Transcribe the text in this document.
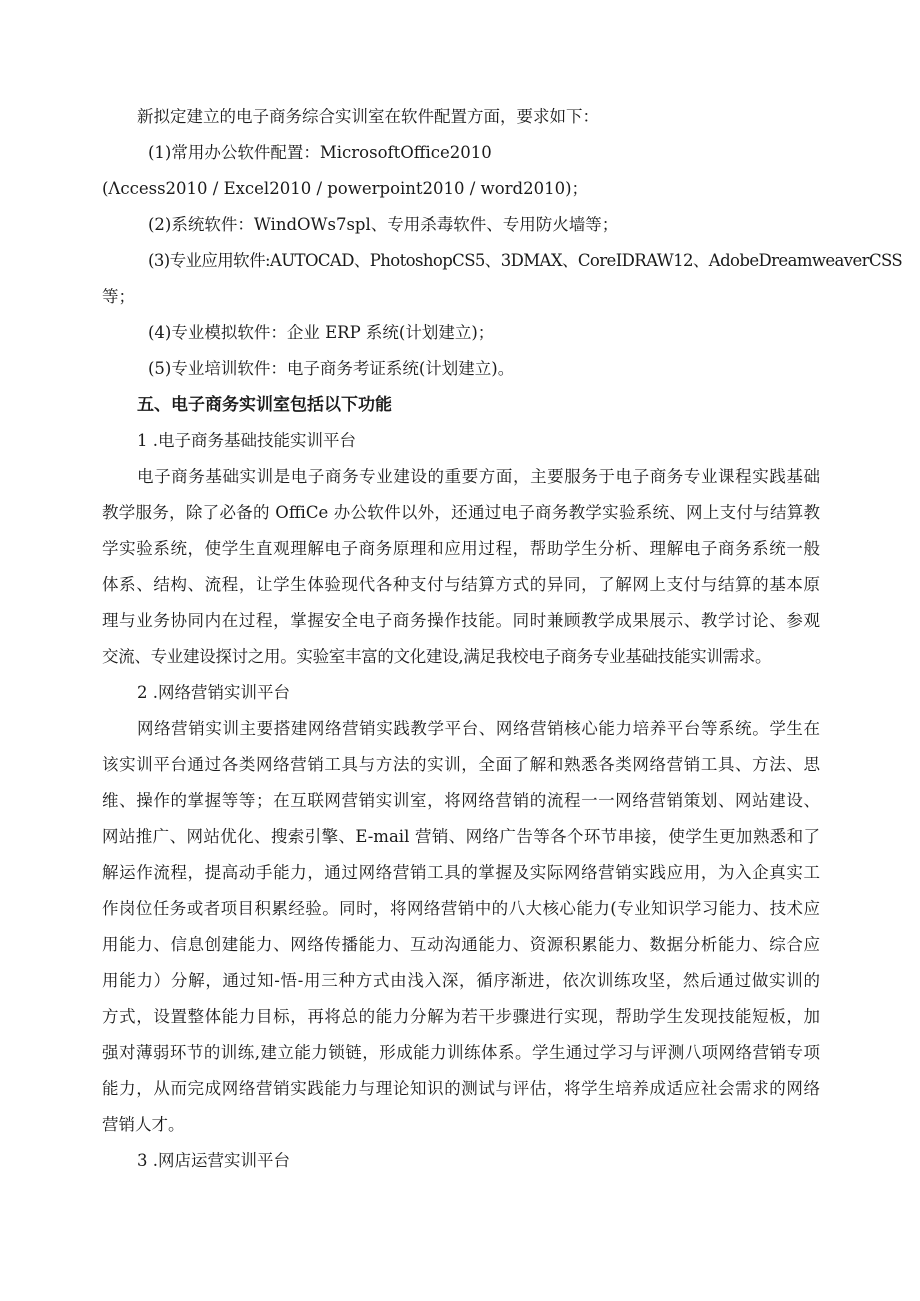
新拟定建立的电子商务综合实训室在软件配置方面，要求如下：
(1)常用办公软件配置：MicrosoftOffice2010
(Λccess2010 / Excel2010 / powerpoint2010 / word2010)；
(2)系统软件：WindOWs7spl、专用杀毒软件、专用防火墙等；
(3)专业应用软件:AUTOCAD、PhotoshopCS5、3DMAX、CoreIDRAW12、AdobeDreamweaverCSS
等；
(4)专业模拟软件：企业 ERP 系统(计划建立)；
(5)专业培训软件：电子商务考证系统(计划建立)。
五、电子商务实训室包括以下功能
1 .电子商务基础技能实训平台
电子商务基础实训是电子商务专业建设的重要方面，主要服务于电子商务专业课程实践基础
教学服务，除了必备的 OffiCe 办公软件以外，还通过电子商务教学实验系统、网上支付与结算教
学实验系统，使学生直观理解电子商务原理和应用过程，帮助学生分析、理解电子商务系统一般
体系、结构、流程，让学生体验现代各种支付与结算方式的异同，了解网上支付与结算的基本原
理与业务协同内在过程，掌握安全电子商务操作技能。同时兼顾教学成果展示、教学讨论、参观
交流、专业建设探讨之用。实验室丰富的文化建设,满足我校电子商务专业基础技能实训需求。
2 .网络营销实训平台
网络营销实训主要搭建网络营销实践教学平台、网络营销核心能力培养平台等系统。学生在
该实训平台通过各类网络营销工具与方法的实训，全面了解和熟悉各类网络营销工具、方法、思
维、操作的掌握等等；在互联网营销实训室，将网络营销的流程一一网络营销策划、网站建设、
网站推广、网站优化、搜索引擎、E-mail 营销、网络广告等各个环节串接，使学生更加熟悉和了
解运作流程，提高动手能力，通过网络营销工具的掌握及实际网络营销实践应用，为入企真实工
作岗位任务或者项目积累经验。同时，将网络营销中的八大核心能力(专业知识学习能力、技术应
用能力、信息创建能力、网络传播能力、互动沟通能力、资源积累能力、数据分析能力、综合应
用能力）分解，通过知-悟-用三种方式由浅入深，循序渐进，依次训练攻坚，然后通过做实训的
方式，设置整体能力目标，再将总的能力分解为若干步骤进行实现，帮助学生发现技能短板，加
强对薄弱环节的训练,建立能力锁链，形成能力训练体系。学生通过学习与评测八项网络营销专项
能力，从而完成网络营销实践能力与理论知识的测试与评估，将学生培养成适应社会需求的网络
营销人才。
3 .网店运营实训平台
